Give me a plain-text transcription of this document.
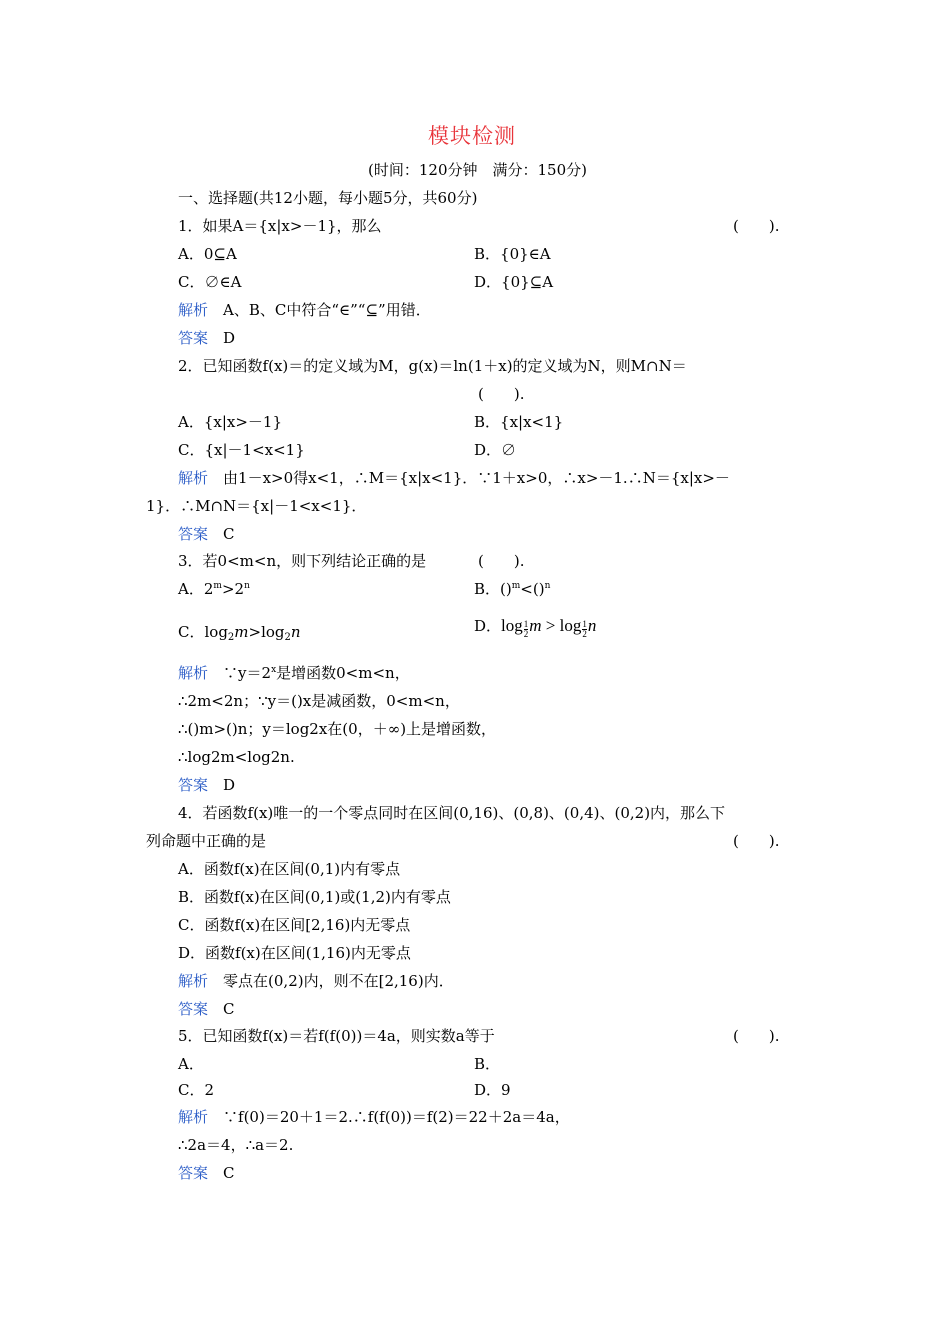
模块检测
(时间：120分钟　满分：150分)
一、选择题(共12小题，每小题5分，共60分)
1．如果A＝{x|x>－1}，那么	(　　).
A．0⊆A	B．{0}∈A
C．∅∈A	D．{0}⊆A
解析　 A、B、C中符合“∈”“⊆”用错．
答案　 D
2．已知函数f(x)＝的定义域为M，g(x)＝ln(1＋x)的定义域为N，则M∩N＝
(　　).
A．{x|x>－1}	B．{x|x<1}
C．{x|－1<x<1}	D．∅
解析　 由1－x>0得x<1，∴M＝{x|x<1}．∵1＋x>0，∴x>－1.∴N＝{x|x>－
1}．∴M∩N＝{x|－1<x<1}．
答案　 C
3．若0<m<n，则下列结论正确的是	(　　).
A．$2^m>2^n$	B．()$^m$<()$^n$
C．$\log_2m>\log_2n$	D．$\log \frac{1}{2}$ $m > \log \frac{1}{2}$ n
解析　 $\because y=2^x$是增函数0<m<n，
∴2m<2n；∵y＝()x是减函数，0<m<n，
∴()m>()n；y＝log2x在(0，＋∞)上是增函数，
∴log2m<log2n.
答案　 D
4．若函数f(x)唯一的一个零点同时在区间(0,16)、(0,8)、(0,4)、(0,2)内，那么下
列命题中正确的是	(　　).
A．函数f(x)在区间(0,1)内有零点
B．函数f(x)在区间(0,1)或(1,2)内有零点
C．函数f(x)在区间[2,16)内无零点
D．函数f(x)在区间(1,16)内无零点
解析　 零点在(0,2)内，则不在[2,16)内．
答案　 C
5．已知函数f(x)＝若f(f(0))＝4a，则实数a等于	(　　).
A．	B．
C．2	D．9
解析　 ∵f(0)＝20＋1＝2.∴f(f(0))＝f(2)＝22＋2a＝4a，
∴2a＝4，∴a＝2.
答案　 C
